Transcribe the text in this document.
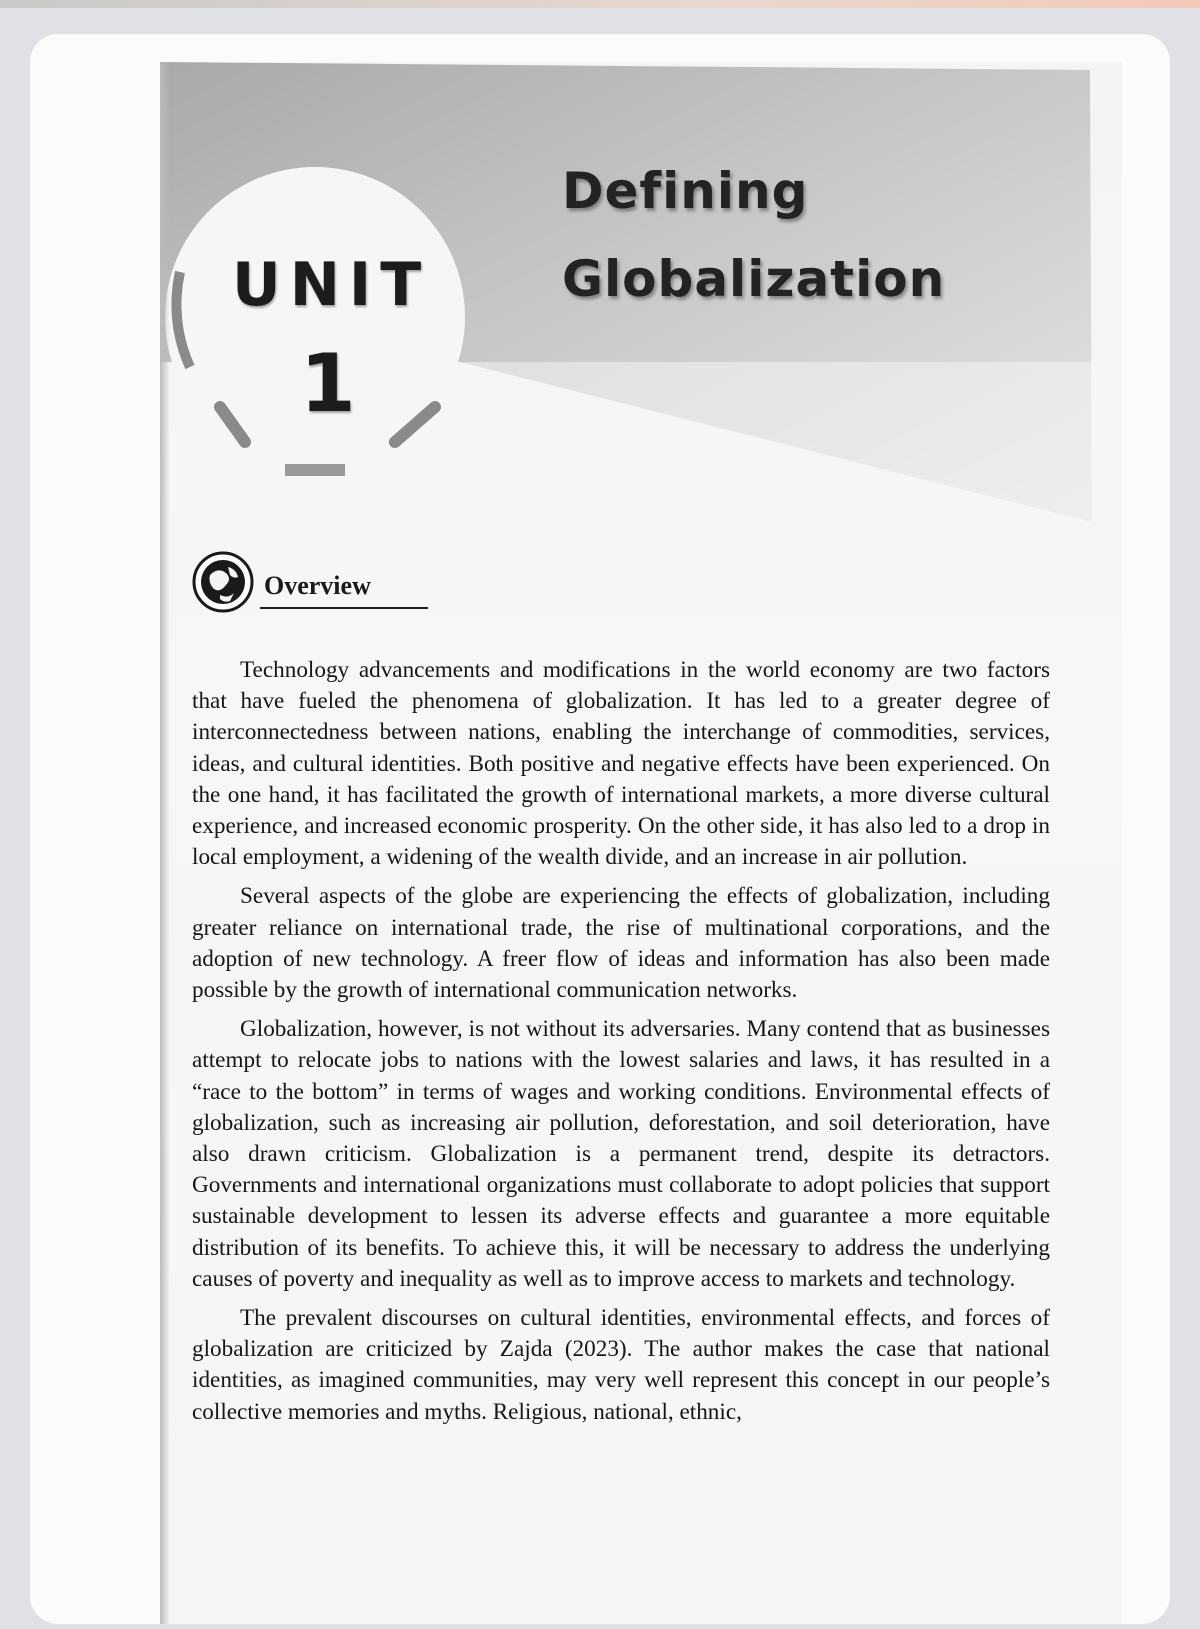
UNIT
1
Defining
Globalization
Overview

Technology advancements and modifications in the world economy are two factors that have fueled the phenomena of globalization. It has led to a greater degree of interconnectedness between nations, enabling the interchange of commodities, services, ideas, and cultural identities. Both positive and negative effects have been experienced. On the one hand, it has facilitated the growth of international markets, a more diverse cultural experience, and increased economic prosperity. On the other side, it has also led to a drop in local employment, a widening of the wealth divide, and an increase in air pollution.

Several aspects of the globe are experiencing the effects of globalization, including greater reliance on international trade, the rise of multinational corporations, and the adoption of new technology. A freer flow of ideas and information has also been made possible by the growth of international communication networks.

Globalization, however, is not without its adversaries. Many contend that as businesses attempt to relocate jobs to nations with the lowest salaries and laws, it has resulted in a “race to the bottom” in terms of wages and working conditions. Environmental effects of globalization, such as increasing air pollution, deforestation, and soil deterioration, have also drawn criticism. Globalization is a permanent trend, despite its detractors. Governments and international organizations must collaborate to adopt policies that support sustainable development to lessen its adverse effects and guarantee a more equitable distribution of its benefits. To achieve this, it will be necessary to address the underlying causes of poverty and inequality as well as to improve access to markets and technology.

The prevalent discourses on cultural identities, environmental effects, and forces of globalization are criticized by Zajda (2023). The author makes the case that national identities, as imagined communities, may very well represent this concept in our people’s collective memories and myths. Religious, national, ethnic,
